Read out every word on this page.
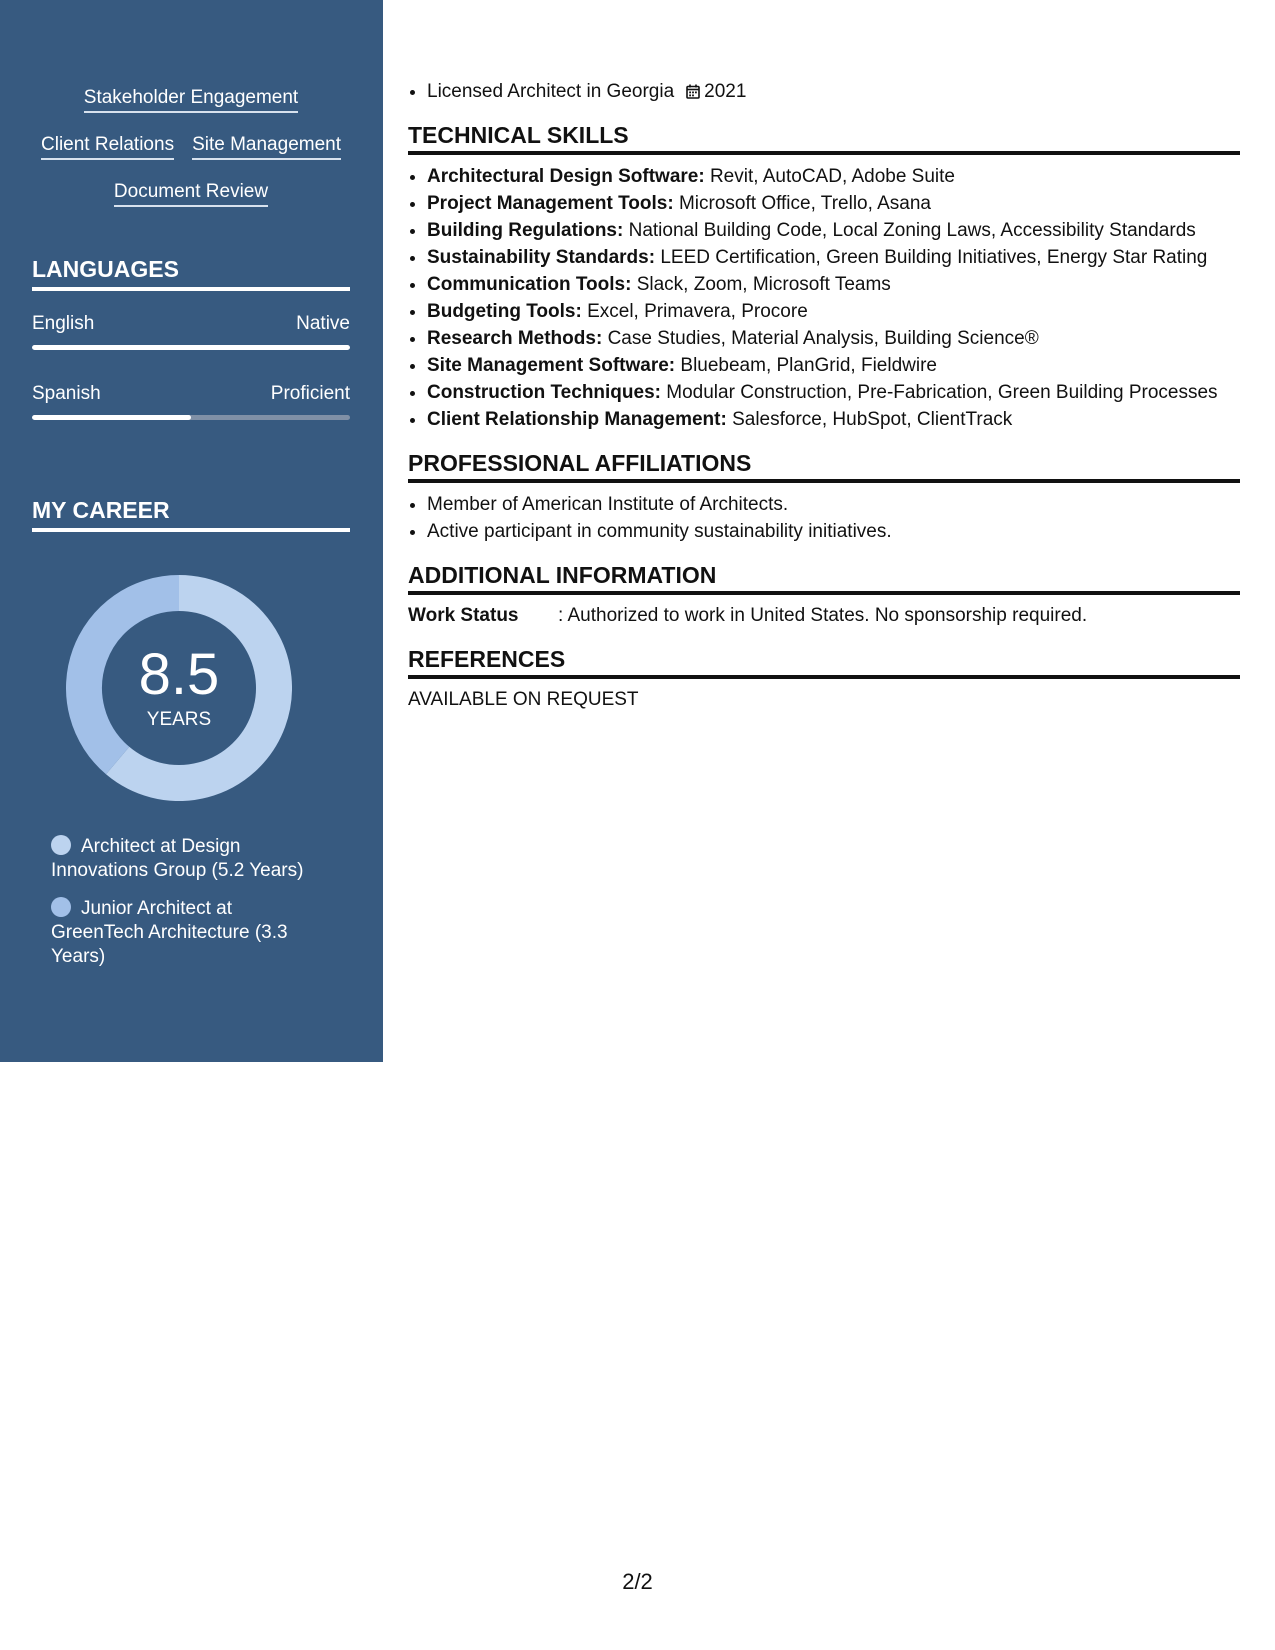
Stakeholder Engagement
Client Relations Site Management
Document Review
LANGUAGES
English	Native
Spanish	Proficient
MY CAREER
8.5
YEARS
Architect at Design Innovations Group (5.2 Years)
Junior Architect at GreenTech Architecture (3.3 Years)
• Licensed Architect in Georgia 2021
TECHNICAL SKILLS
• Architectural Design Software: Revit, AutoCAD, Adobe Suite
• Project Management Tools: Microsoft Office, Trello, Asana
• Building Regulations: National Building Code, Local Zoning Laws, Accessibility Standards
• Sustainability Standards: LEED Certification, Green Building Initiatives, Energy Star Rating
• Communication Tools: Slack, Zoom, Microsoft Teams
• Budgeting Tools: Excel, Primavera, Procore
• Research Methods: Case Studies, Material Analysis, Building Science®
• Site Management Software: Bluebeam, PlanGrid, Fieldwire
• Construction Techniques: Modular Construction, Pre-Fabrication, Green Building Processes
• Client Relationship Management: Salesforce, HubSpot, ClientTrack
PROFESSIONAL AFFILIATIONS
• Member of American Institute of Architects.
• Active participant in community sustainability initiatives.
ADDITIONAL INFORMATION
Work Status	: Authorized to work in United States. No sponsorship required.
REFERENCES
AVAILABLE ON REQUEST
2/2
